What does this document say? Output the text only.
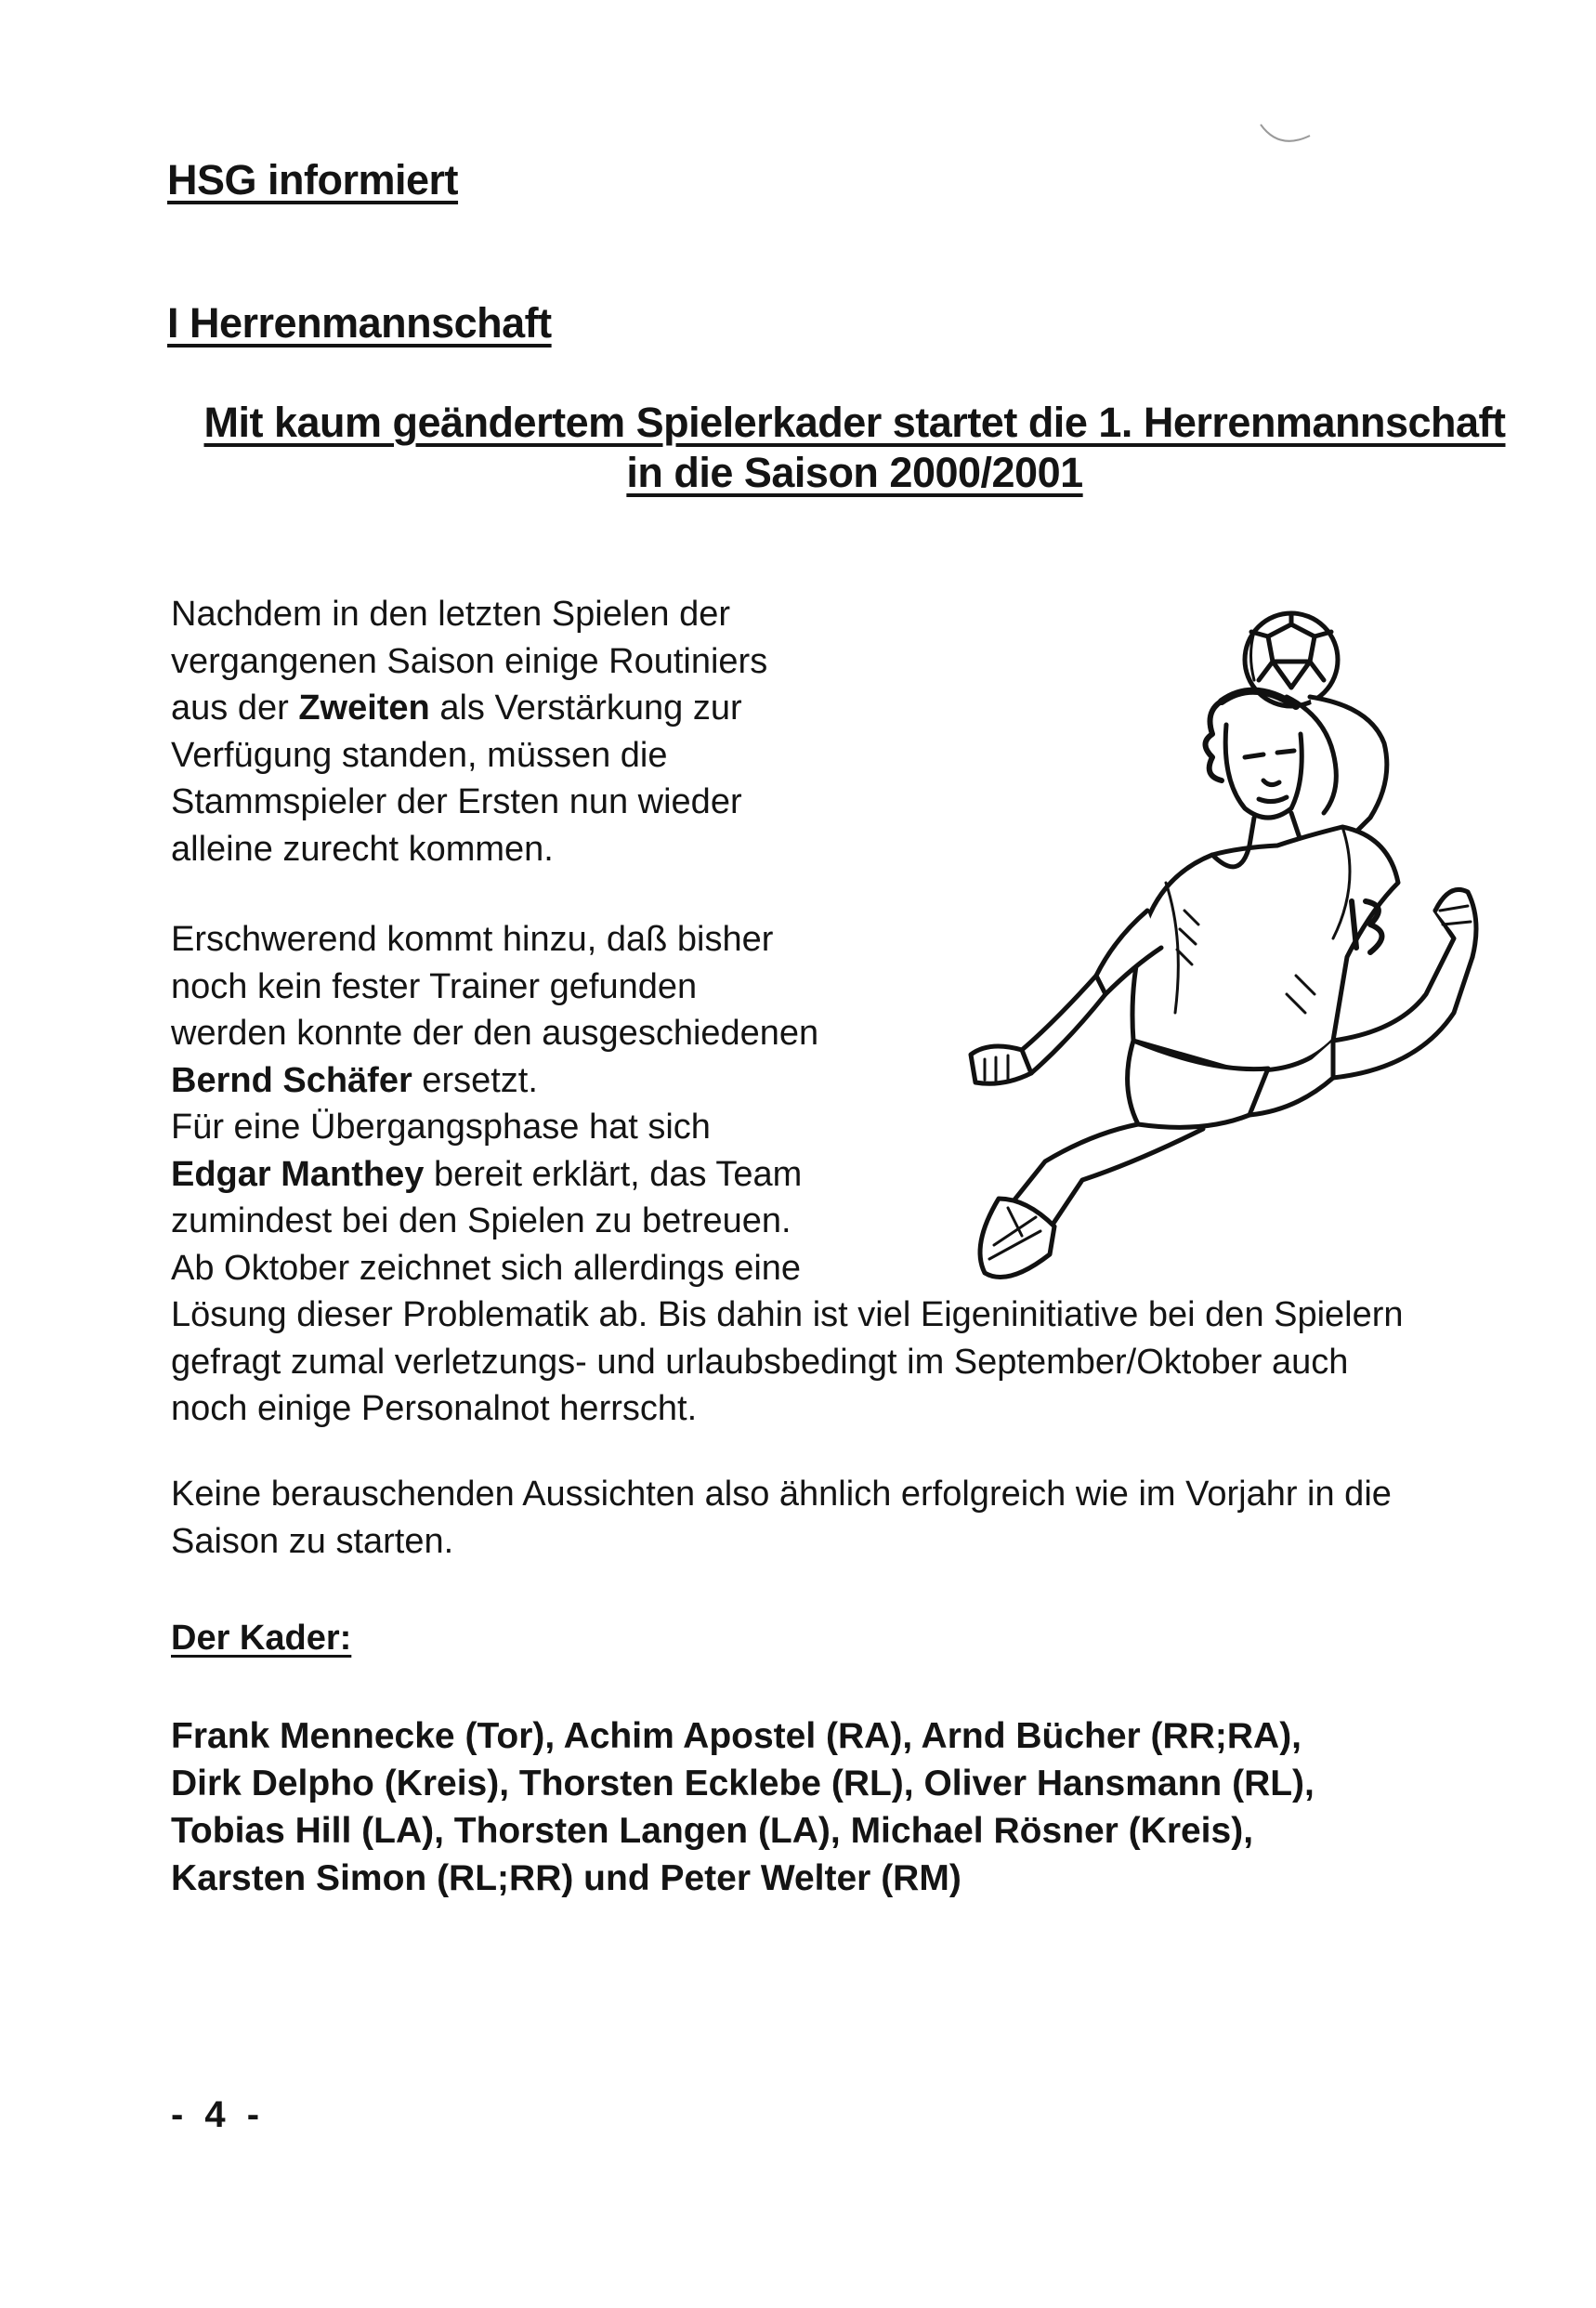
HSG informiert
I Herrenmannschaft
Mit kaum geändertem Spielerkader startet die 1. Herrenmannschaft
in die Saison 2000/2001
Nachdem in den letzten Spielen der
vergangenen Saison einige Routiniers
aus der Zweiten als Verstärkung zur
Verfügung standen, müssen die
Stammspieler der Ersten nun wieder
alleine zurecht kommen.
Erschwerend kommt hinzu, daß bisher
noch kein fester Trainer gefunden
werden konnte der den ausgeschiedenen
Bernd Schäfer ersetzt.
Für eine Übergangsphase hat sich
Edgar Manthey bereit erklärt, das Team
zumindest bei den Spielen zu betreuen.
Ab Oktober zeichnet sich allerdings eine
Lösung dieser Problematik ab. Bis dahin ist viel Eigeninitiative bei den Spielern
gefragt zumal verletzungs- und urlaubsbedingt im September/Oktober auch
noch einige Personalnot herrscht.
Keine berauschenden Aussichten also ähnlich erfolgreich wie im Vorjahr in die
Saison zu starten.
Der Kader:
Frank Mennecke (Tor), Achim Apostel (RA), Arnd Bücher (RR;RA),
Dirk Delpho (Kreis), Thorsten Ecklebe (RL), Oliver Hansmann (RL),
Tobias Hill (LA), Thorsten Langen (LA), Michael Rösner (Kreis),
Karsten Simon (RL;RR) und Peter Welter (RM)
- 4 -
